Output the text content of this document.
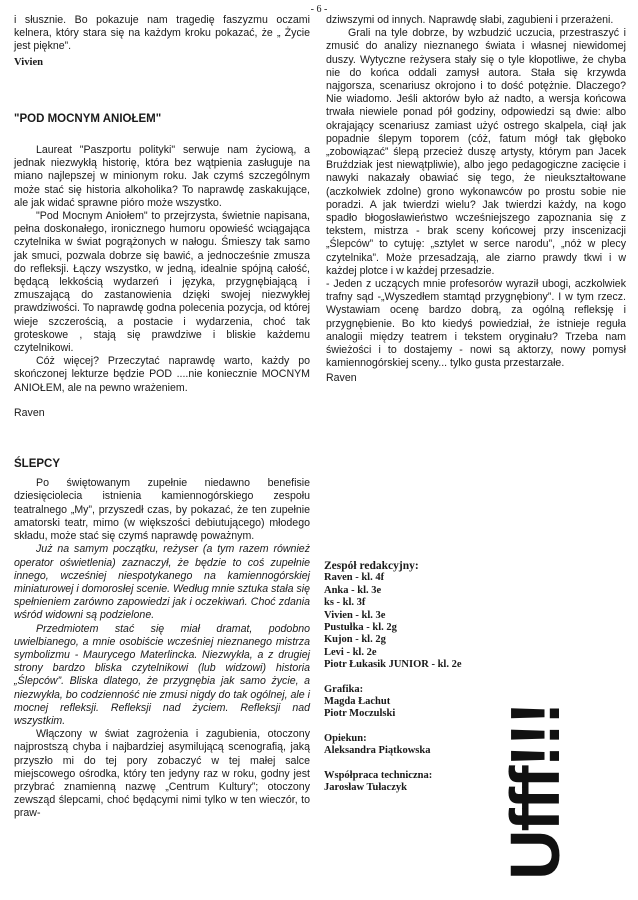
- 6 -

i słusznie. Bo pokazuje nam tragedię faszyzmu oczami kelnera, który stara się na każdym kroku pokazać, że „ Życie jest piękne”.

Vivien

"POD MOCNYM ANIOŁEM"

Laureat "Paszportu polityki" serwuje nam życiową, a jednak niezwykłą historię, która bez wątpienia zasługuje na miano najlepszej w minionym roku. Jak czymś szczególnym może stać się historia alkoholika? To naprawdę zaskakujące, ale jak widać sprawne pióro może wszystko.

"Pod Mocnym Aniołem" to przejrzysta, świetnie napisana, pełna doskonałego, ironicznego humoru opowieść wciągająca czytelnika w świat pogrążonych w nałogu. Śmieszy tak samo jak smuci, pozwala dobrze się bawić, a jednocześnie zmusza do refleksji. Łączy wszystko, w jedną, idealnie spójną całość, będącą lekkością wydarzeń i języka, przygnębiającą i zmuszającą do zastanowienia dzięki swojej niezwykłej prawdziwości. To naprawdę godna polecenia pozycja, od której wieje szczerością, a postacie i wydarzenia, choć tak groteskowe , stają się prawdziwe i bliskie każdemu czytelnikowi.

Cóż więcej? Przeczytać naprawdę warto, każdy po skończonej lekturze będzie POD ....nie koniecznie MOCNYM ANIOŁEM, ale na pewno wrażeniem.

Raven

ŚLEPCY

Po świętowanym zupełnie niedawno benefisie dziesięciolecia istnienia kamiennogórskiego zespołu teatralnego „My”, przyszedł czas, by pokazać, że ten zupełnie amatorski teatr, mimo (w większości debiutującego) młodego składu, może stać się czymś naprawdę poważnym.

Już na samym początku, reżyser (a tym razem również operator oświetlenia) zaznaczył, że będzie to coś zupełnie innego, wcześniej niespotykanego na kamiennogórskiej miniaturowej i domorosłej scenie. Według mnie sztuka stała się spełnieniem zarówno zapowiedzi jak i oczekiwań. Choć zdania wśród widowni są podzielone.

Przedmiotem stać się miał dramat, podobno uwielbianego, a mnie osobiście wcześniej nieznanego mistrza symbolizmu - Maurycego Materlincka. Niezwykła, a z drugiej strony bardzo bliska czytelnikowi (lub widzowi) historia „Ślepców”. Bliska dlatego, że przygnębia jak samo życie, a niezwykła, bo codzienność nie zmusi nigdy do tak ogólnej, ale i mocnej refleksji. Refleksji nad życiem. Refleksji nad wszystkim.

Włączony w świat zagrożenia i zagubienia, otoczony najprostszą chyba i najbardziej asymilującą scenografią, jaką przyszło mi do tej pory zobaczyć w tej małej salce miejscowego ośrodka, który ten jedyny raz w roku, godny jest przybrać znamienną nazwę „Centrum Kultury”; otoczony zewsząd ślepcami, choć będącymi nimi tylko w ten wieczór, to praw-

dziwszymi od innych. Naprawdę słabi, zagubieni i przerażeni.

Grali na tyle dobrze, by wzbudzić uczucia, przestraszyć i zmusić do analizy nieznanego świata i własnej niewidomej duszy. Wytyczne reżysera stały się o tyle kłopotliwe, że chyba nie do końca oddali zamysł autora. Stała się krzywda najgorsza, scenariusz okrojono i to dość potężnie. Dlaczego? Nie wiadomo. Jeśli aktorów było aż nadto, a wersja końcowa trwała niewiele ponad pół godziny, odpowiedzi są dwie: albo okrajający scenariusz zamiast użyć ostrego skalpela, ciął jak popadnie ślepym toporem (cóż, fatum mógł tak głęboko „zobowiązać” ślepą przecież duszę artysty, którym pan Jacek Bruździak jest niewątpliwie), albo jego pedagogiczne zacięcie i nawyki nakazały obawiać się tego, że nieukształtowane (aczkolwiek zdolne) grono wykonawców po prostu sobie nie poradzi. A jak twierdzi wielu? Jak twierdzi każdy, na kogo spadło błogosławieństwo wcześniejszego zapoznania się z tekstem, mistrza - brak sceny końcowej przy inscenizacji „Ślepców” to cytuję: „sztylet w serce narodu”, „nóż w plecy czytelnika”. Może przesadzają, ale ziarno prawdy tkwi i w każdej plotce i w każdej przesadzie.

- Jeden z uczących mnie profesorów wyraził ubogi, aczkolwiek trafny sąd -„Wyszedłem stamtąd przygnębiony”. I w tym rzecz. Wystawiam ocenę bardzo dobrą, za ogólną refleksję i przygnębienie. Bo kto kiedyś powiedział, że istnieje reguła analogii między teatrem i tekstem oryginału? Trzeba nam świeżości i to dostajemy - nowi są aktorzy, nowy pomysł kamiennogórskiej sceny... tylko gusta przestarzałe.

Raven

Zespół redakcyjny:
Raven - kl. 4f
Anka - kl. 3e
ks - kl. 3f
Vivien - kl. 3e
Pustułka - kl. 2g
Kujon - kl. 2g
Levi - kl. 2e
Piotr Łukasik JUNIOR - kl. 2e
Grafika:
Magda Łachut
Piotr Moczulski
Opiekun:
Aleksandra Piątkowska
Współpraca techniczna:
Jarosław Tułaczyk	Ufff!!!
